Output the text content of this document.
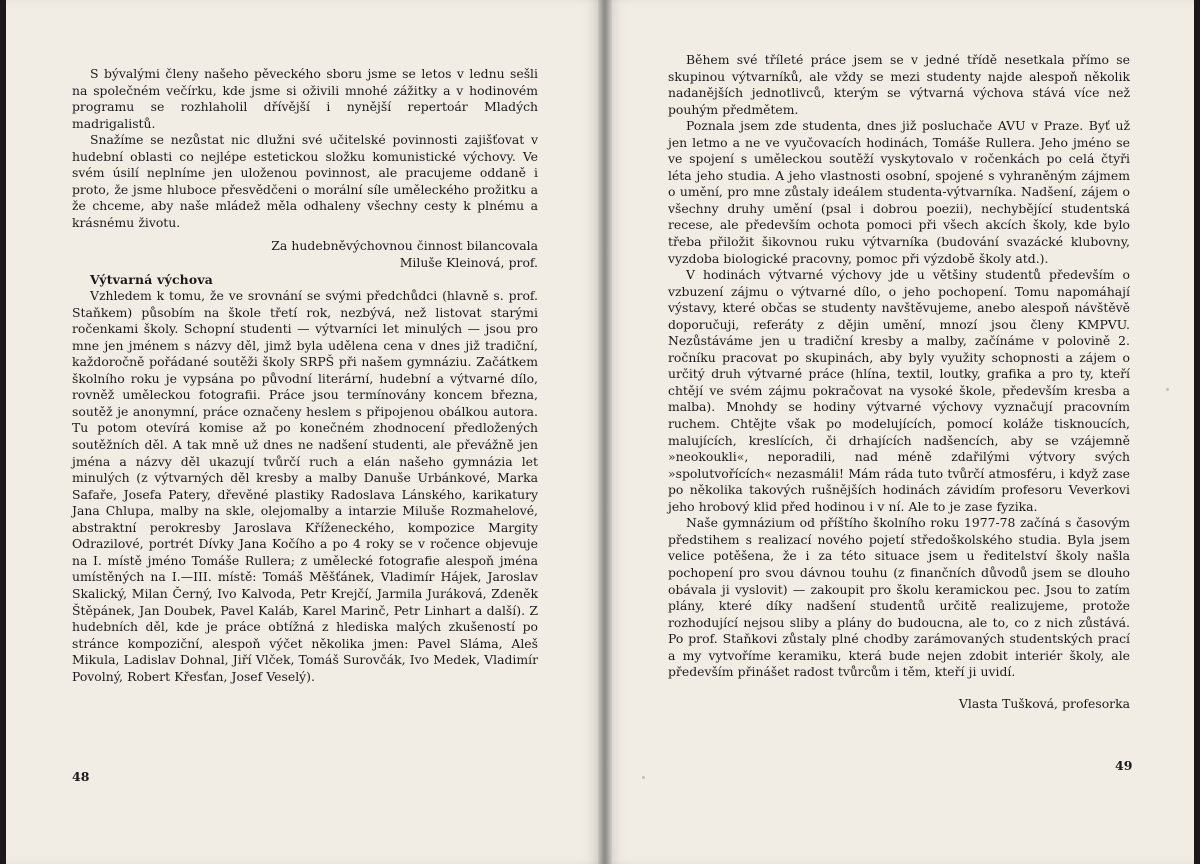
S bývalými členy našeho pěveckého sboru jsme se letos v lednu sešli na společném večírku, kde jsme si oživili mnohé zážitky a v hodinovém programu se rozhlaholil dřívější i nynější repertoár Mladých madrigalistů.

Snažíme se nezůstat nic dlužni své učitelské povinnosti zajišťovat v hudební oblasti co nejlépe estetickou složku komunistické výchovy. Ve svém úsilí neplníme jen uloženou povinnost, ale pracujeme oddaně i proto, že jsme hluboce přesvědčeni o morální síle uměleckého prožitku a že chceme, aby naše mládež měla odhaleny všechny cesty k plnému a krásnému životu.

Za hudebněvýchovnou činnost bilancovala

Miluše Kleinová, prof.

Výtvarná výchova

Vzhledem k tomu, že ve srovnání se svými předchůdci (hlavně s. prof. Staňkem) působím na škole třetí rok, nezbývá, než listovat starými ročenkami školy. Schopní studenti — výtvarníci let minulých — jsou pro mne jen jménem s názvy děl, jimž byla udělena cena v dnes již tradiční, každoročně pořádané soutěži školy SRPŠ při našem gymnáziu. Začátkem školního roku je vypsána po původní literární, hudební a výtvarné dílo, rovněž uměleckou fotografii. Práce jsou termínovány koncem března, soutěž je anonymní, práce označeny heslem s připojenou obálkou autora. Tu potom otevírá komise až po konečném zhodnocení předložených soutěžních děl. A tak mně už dnes ne nadšení studenti, ale převážně jen jména a názvy děl ukazují tvůrčí ruch a elán našeho gymnázia let minulých (z výtvarných děl kresby a malby Danuše Urbánkové, Marka Safaře, Josefa Patery, dřevěné plastiky Radoslava Lánského, karikatury Jana Chlupa, malby na skle, olejomalby a intarzie Miluše Rozmahelové, abstraktní perokresby Jaroslava Kříženeckého, kompozice Margity Odrazilové, portrét Dívky Jana Kočího a po 4 roky se v ročence objevuje na I. místě jméno Tomáše Rullera; z umělecké fotografie alespoň jména umístěných na I.—III. místě: Tomáš Měšťánek, Vladimír Hájek, Jaroslav Skalický, Milan Černý, Ivo Kalvoda, Petr Krejčí, Jarmila Juráková, Zdeněk Štěpánek, Jan Doubek, Pavel Kaláb, Karel Marinč, Petr Linhart a další). Z hudebních děl, kde je práce obtížná z hlediska malých zkušeností po stránce kompoziční, alespoň výčet několika jmen: Pavel Sláma, Aleš Mikula, Ladislav Dohnal, Jiří Vlček, Tomáš Surovčák, Ivo Medek, Vladimír Povolný, Robert Křesťan, Josef Veselý).

48

Během své tříleté práce jsem se v jedné třídě nesetkala přímo se skupinou výtvarníků, ale vždy se mezi studenty najde alespoň několik nadanějších jednotlivců, kterým se výtvarná výchova stává více než pouhým předmětem.

Poznala jsem zde studenta, dnes již posluchače AVU v Praze. Byť už jen letmo a ne ve vyučovacích hodinách, Tomáše Rullera. Jeho jméno se ve spojení s uměleckou soutěží vyskytovalo v ročenkách po celá čtyři léta jeho studia. A jeho vlastnosti osobní, spojené s vyhraněným zájmem o umění, pro mne zůstaly ideálem studenta-výtvarníka. Nadšení, zájem o všechny druhy umění (psal i dobrou poezii), nechybějící studentská recese, ale především ochota pomoci při všech akcích školy, kde bylo třeba přiložit šikovnou ruku výtvarníka (budování svazácké klubovny, vyzdoba biologické pracovny, pomoc při výzdobě školy atd.).

V hodinách výtvarné výchovy jde u většiny studentů především o vzbuzení zájmu o výtvarné dílo, o jeho pochopení. Tomu napomáhají výstavy, které občas se studenty navštěvujeme, anebo alespoň návštěvě doporučuji, referáty z dějin umění, mnozí jsou členy KMPVU. Nezůstáváme jen u tradiční kresby a malby, začínáme v polovině 2. ročníku pracovat po skupinách, aby byly využity schopnosti a zájem o určitý druh výtvarné práce (hlína, textil, loutky, grafika a pro ty, kteří chtějí ve svém zájmu pokračovat na vysoké škole, především kresba a malba). Mnohdy se hodiny výtvarné výchovy vyznačují pracovním ruchem. Chtějte však po modelujících, pomocí koláže tisknoucích, malujících, kreslících, či drhajících nadšencích, aby se vzájemně »neokoukli«, neporadili, nad méně zdařilými výtvory svých »spolutvořících« nezasmáli! Mám ráda tuto tvůrčí atmosféru, i když zase po několika takových rušnějších hodinách závidím profesoru Veverkovi jeho hrobový klid před hodinou i v ní. Ale to je zase fyzika.

Naše gymnázium od příštího školního roku 1977-78 začíná s časovým předstihem s realizací nového pojetí středoškolského studia. Byla jsem velice potěšena, že i za této situace jsem u ředitelství školy našla pochopení pro svou dávnou touhu (z finančních důvodů jsem se dlouho obávala ji vyslovit) — zakoupit pro školu keramickou pec. Jsou to zatím plány, které díky nadšení studentů určitě realizujeme, protože rozhodující nejsou sliby a plány do budoucna, ale to, co z nich zůstává. Po prof. Staňkovi zůstaly plné chodby zarámovaných studentských prací a my vytvoříme keramiku, která bude nejen zdobit interiér školy, ale především přinášet radost tvůrcům i těm, kteří ji uvidí.

Vlasta Tušková, profesorka

49
